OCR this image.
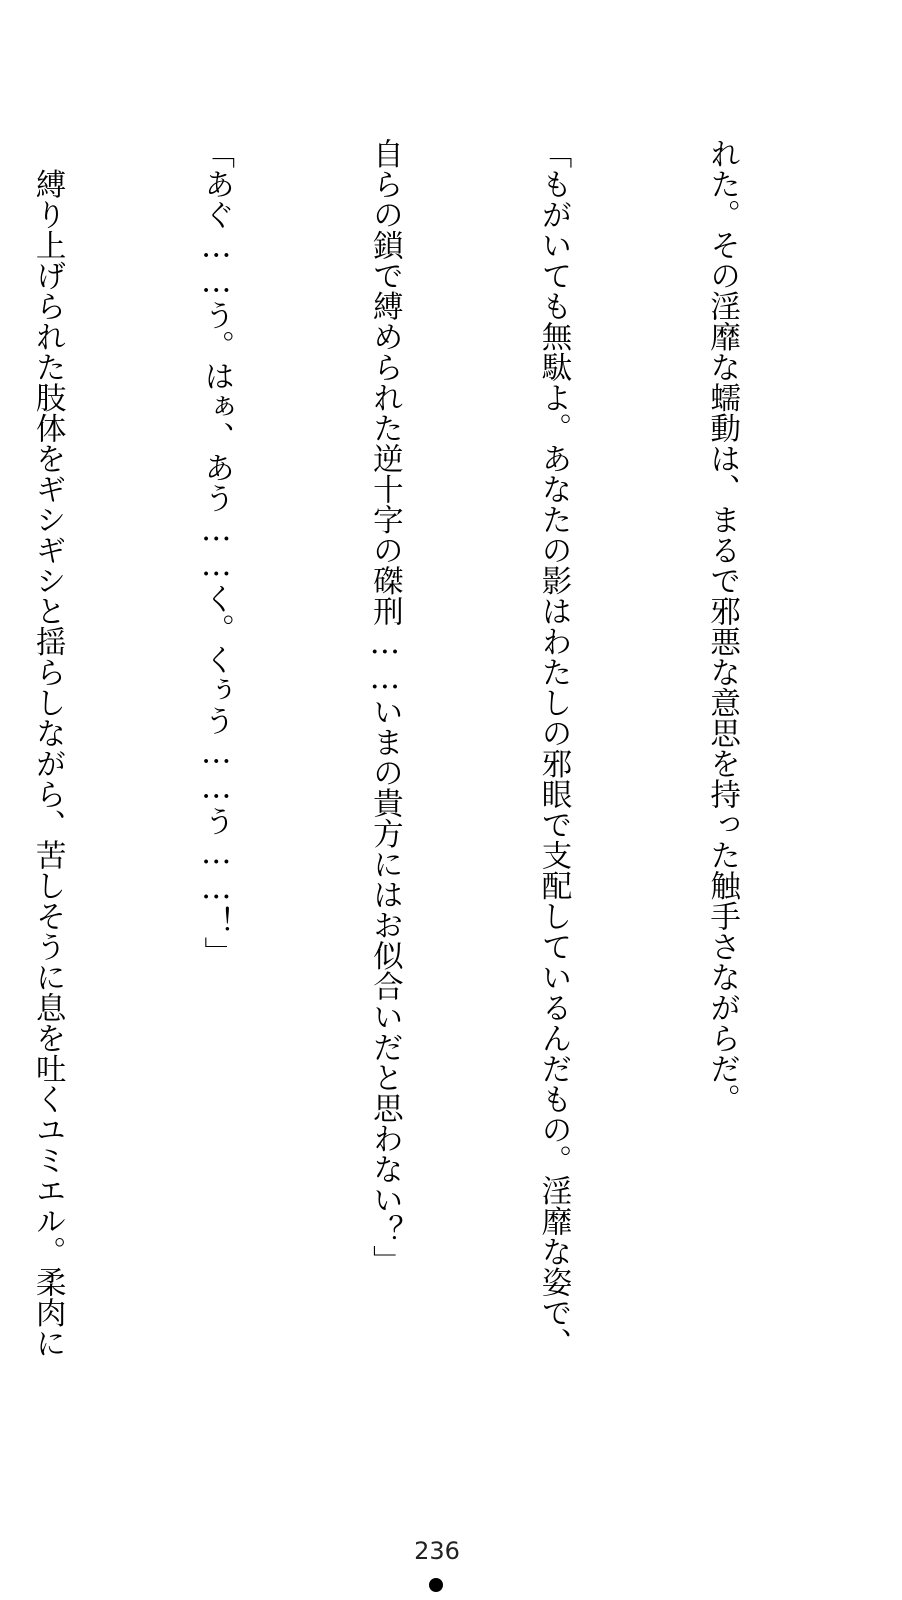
れた。その淫靡な蠕動は、まるで邪悪な意思を持った触手さながらだ。

「もがいても無駄よ。あなたの影はわたしの邪眼で支配しているんだもの。淫靡な姿で、

自らの鎖で縛められた逆十字の磔刑……いまの貴方にはお似合いだと思わない？」

「あぐ……う。はぁ、あう……く。くぅう……う……！」

　縛り上げられた肢体をギシギシと揺らしながら、苦しそうに息を吐くユミエル。柔肉に

236
